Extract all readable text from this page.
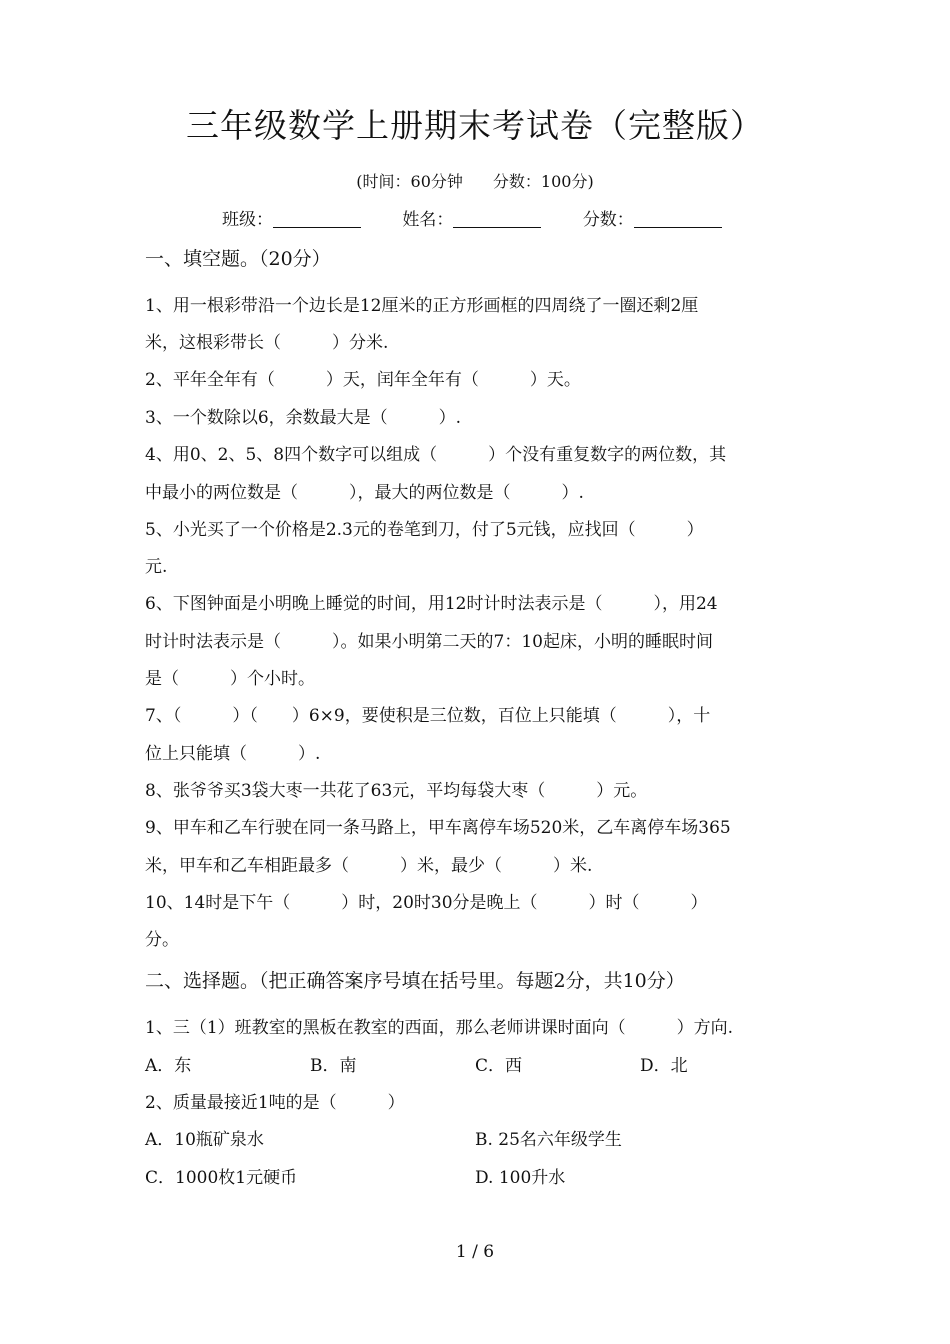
三年级数学上册期末考试卷（完整版）
(时间：60分钟 分数：100分)
班级：	姓名：	分数：
一、填空题。（20分）
1、用一根彩带沿一个边长是12厘米的正方形画框的四周绕了一圈还剩2厘
米，这根彩带长（　　　）分米.
2、平年全年有（　　　）天，闰年全年有（　　　）天。
3、一个数除以6，余数最大是（　　　）.
4、用0、2、5、8四个数字可以组成（　　　）个没有重复数字的两位数，其
中最小的两位数是（　　　），最大的两位数是（　　　）.
5、小光买了一个价格是2.3元的卷笔到刀，付了5元钱，应找回（　　　）
元.
6、下图钟面是小明晚上睡觉的时间，用12时计时法表示是（　　　），用24
时计时法表示是（　　　）。如果小明第二天的7：10起床，小明的睡眠时间
是（　　　）个小时。
7、（　　　）（　　）6×9，要使积是三位数，百位上只能填（　　　），十
位上只能填（　　　）.
8、张爷爷买3袋大枣一共花了63元，平均每袋大枣（　　　）元。
9、甲车和乙车行驶在同一条马路上，甲车离停车场520米，乙车离停车场365
米，甲车和乙车相距最多（　　　）米，最少（　　　）米.
10、14时是下午（　　　）时，20时30分是晚上（　　　）时（　　　）
分。
二、选择题。（把正确答案序号填在括号里。每题2分，共10分）
1、三（1）班教室的黑板在教室的西面，那么老师讲课时面向（　　　）方向.
A．东	B．南	C．西	D．北
2、质量最接近1吨的是（　　　）
A．10瓶矿泉水	B. 25名六年级学生
C．1000枚1元硬币	D. 100升水
1 / 6
